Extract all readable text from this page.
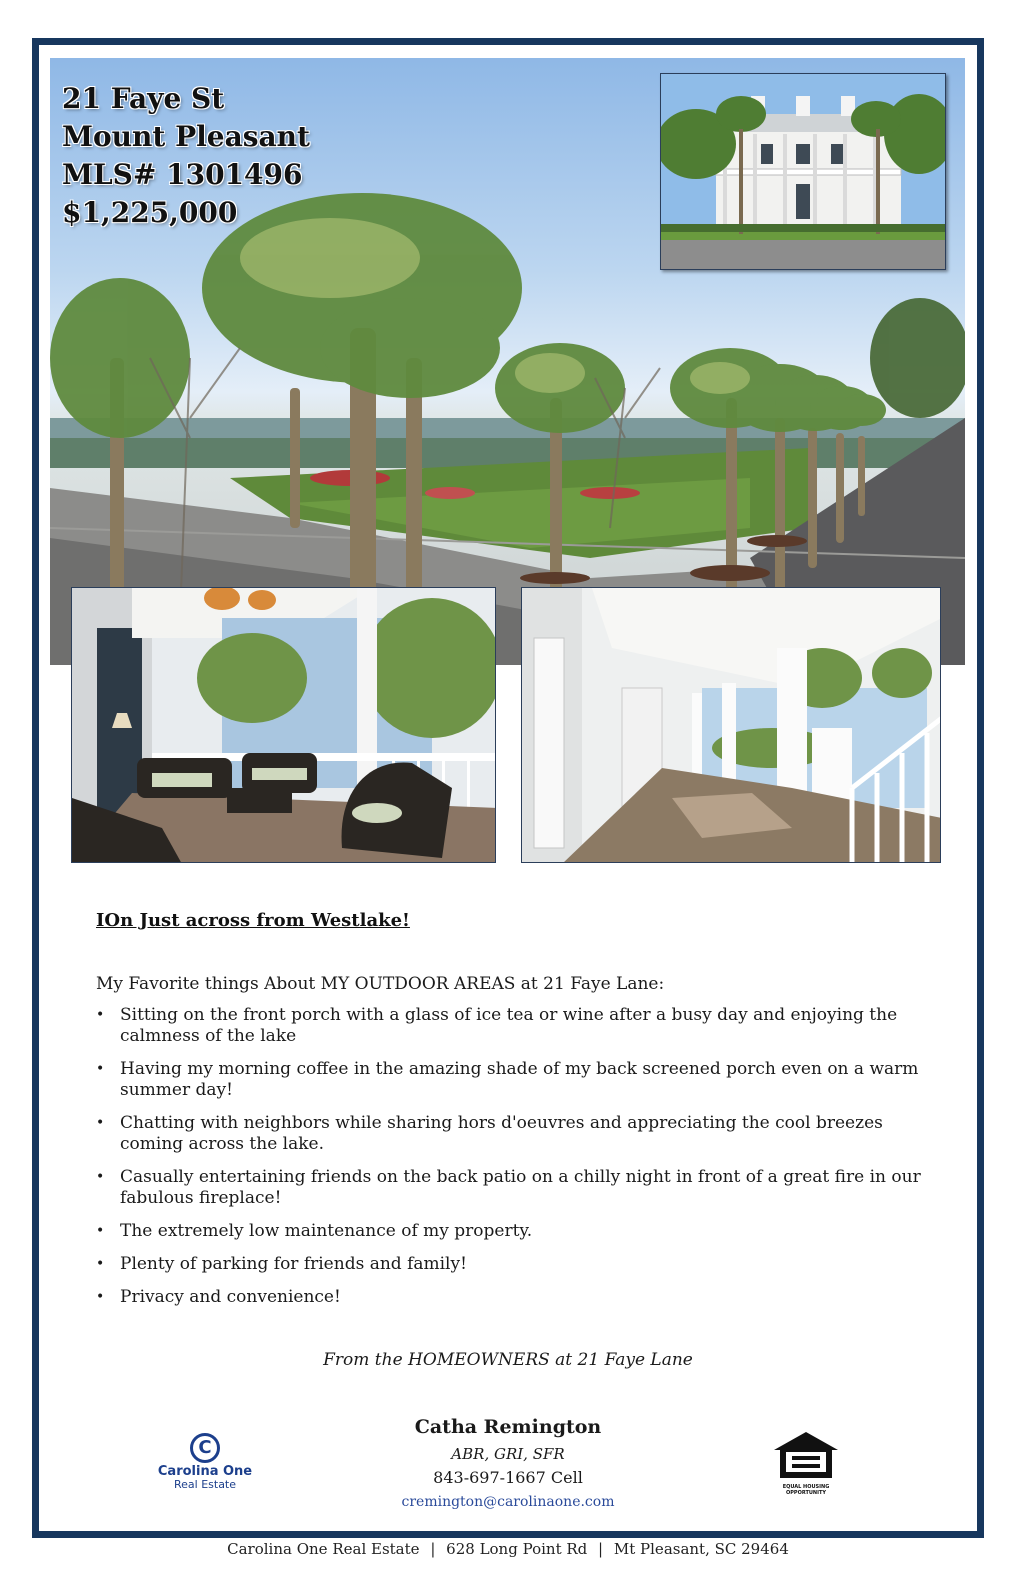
21 Faye St
Mount Pleasant
MLS# 1301496
$1,225,000
IOn Just across from Westlake!
My Favorite things About MY OUTDOOR AREAS at 21 Faye Lane:
• Sitting on the front porch with a glass of ice tea or wine after a busy day and enjoying the calmness of the lake
• Having my morning coffee in the amazing shade of my back screened porch even on a warm summer day!
• Chatting with neighbors while sharing hors d'oeuvres and appreciating the cool breezes coming across the lake.
• Casually entertaining friends on the back patio on a chilly night in front of a great fire in our fabulous fireplace!
• The extremely low maintenance of my property.
• Plenty of parking for friends and family!
• Privacy and convenience!
From the HOMEOWNERS at 21 Faye Lane
C
Carolina One
Real Estate
Catha Remington
ABR, GRI, SFR
843-697-1667 Cell
cremington@carolinaone.com
EQUAL HOUSING
OPPORTUNITY
Carolina One Real Estate | 628 Long Point Rd | Mt Pleasant, SC 29464
